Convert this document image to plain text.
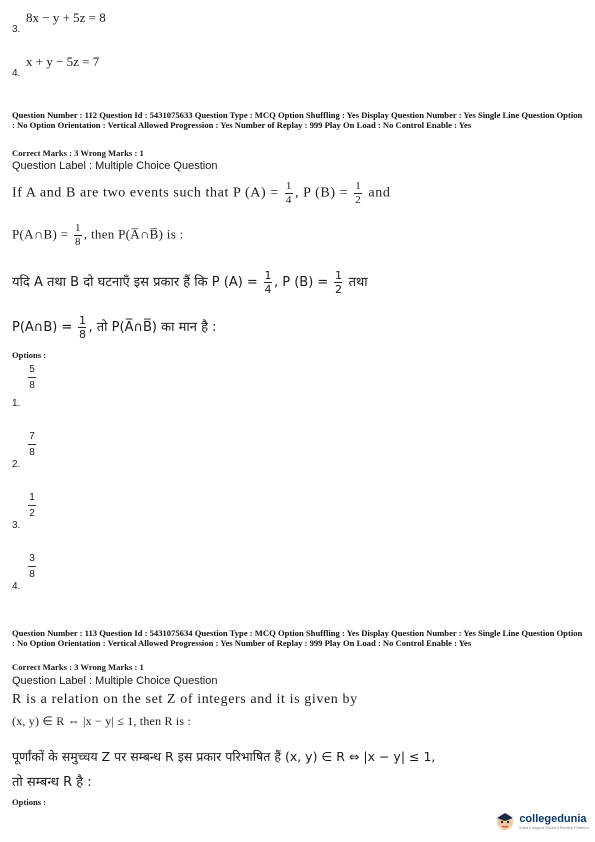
8x − y + 5z = 8
3.
x + y − 5z = 7
4.
Question Number : 112 Question Id : 5431075633 Question Type : MCQ Option Shuffling : Yes Display Question Number : Yes Single Line Question Option : No Option Orientation : Vertical Allowed Progression : Yes Number of Replay : 999 Play On Load : No Control Enable : Yes
Correct Marks : 3 Wrong Marks : 1
Question Label : Multiple Choice Question
If A and B are two events such that P $(A) = \frac{1}{4}$ , P $(B) = \frac{1}{2}$ and
P(A∩B) = $\frac{1}{8}$ , then P(A̅∩B̅) is :
यदि A तथा B दो घटनाएँ इस प्रकार हैं कि P $(A) = \frac{1}{4}$ , P $(B) = \frac{1}{2}$ तथा
P(A∩B) = $\frac{1}{8}$ , तो P(A̅∩B̅) का मान है :
Options :
5
8
1.
7
8
2.
1
2
3.
3
8
4.
Question Number : 113 Question Id : 5431075634 Question Type : MCQ Option Shuffling : Yes Display Question Number : Yes Single Line Question Option : No Option Orientation : Vertical Allowed Progression : Yes Number of Replay : 999 Play On Load : No Control Enable : Yes
Correct Marks : 3 Wrong Marks : 1
Question Label : Multiple Choice Question
R is a relation on the set Z of integers and it is given by
(x, y) ∈ R ⇔ |x − y| ≤ 1, then R is :
पूर्णांकों के समुच्चय Z पर सम्बन्ध R इस प्रकार परिभाषित हैं (x, y) ∈ R ⇔ |x − y| ≤ 1,
तो सम्बन्ध R है :
Options :
collegedunia
India's largest Student Review Platform
